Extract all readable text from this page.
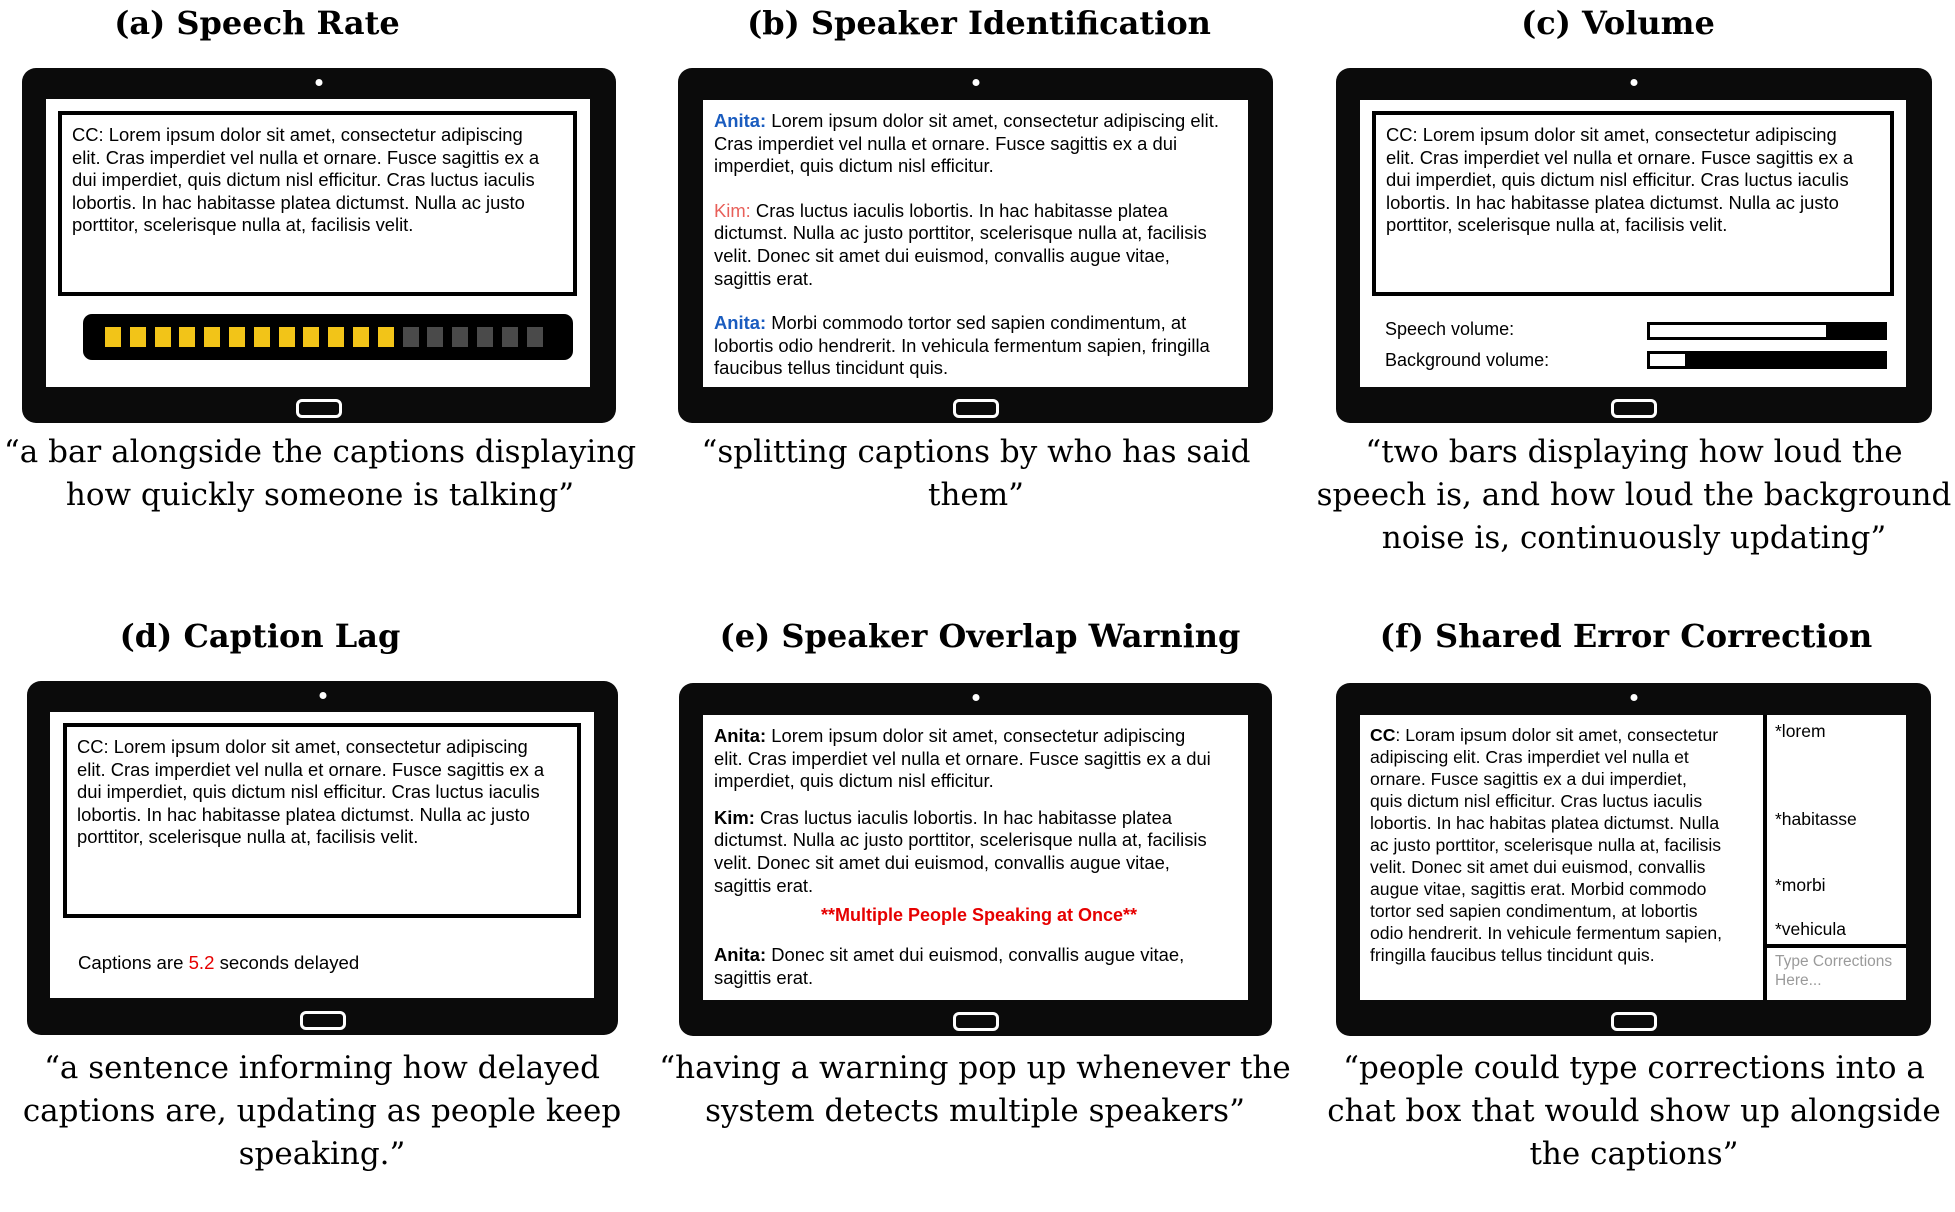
(a) Speech Rate
CC: Lorem ipsum dolor sit amet, consectetur adipiscing
elit. Cras imperdiet vel nulla et ornare. Fusce sagittis ex a
dui imperdiet, quis dictum nisl efficitur. Cras luctus iaculis
lobortis. In hac habitasse platea dictumst. Nulla ac justo
porttitor, scelerisque nulla at, facilisis velit.
“a bar alongside the captions displaying how quickly someone is talking”
(b) Speaker Identification
Anita: Lorem ipsum dolor sit amet, consectetur adipiscing elit.
Cras imperdiet vel nulla et ornare. Fusce sagittis ex a dui
imperdiet, quis dictum nisl efficitur.
Kim: Cras luctus iaculis lobortis. In hac habitasse platea
dictumst. Nulla ac justo porttitor, scelerisque nulla at, facilisis
velit. Donec sit amet dui euismod, convallis augue vitae,
sagittis erat.
Anita: Morbi commodo tortor sed sapien condimentum, at
lobortis odio hendrerit. In vehicula fermentum sapien, fringilla
faucibus tellus tincidunt quis.
“splitting captions by who has said them”
(c) Volume
CC: Lorem ipsum dolor sit amet, consectetur adipiscing
elit. Cras imperdiet vel nulla et ornare. Fusce sagittis ex a
dui imperdiet, quis dictum nisl efficitur. Cras luctus iaculis
lobortis. In hac habitasse platea dictumst. Nulla ac justo
porttitor, scelerisque nulla at, facilisis velit.
Speech volume:
Background volume:
“two bars displaying how loud the speech is, and how loud the background noise is, continuously updating”
(d) Caption Lag
CC: Lorem ipsum dolor sit amet, consectetur adipiscing
elit. Cras imperdiet vel nulla et ornare. Fusce sagittis ex a
dui imperdiet, quis dictum nisl efficitur. Cras luctus iaculis
lobortis. In hac habitasse platea dictumst. Nulla ac justo
porttitor, scelerisque nulla at, facilisis velit.
Captions are 5.2 seconds delayed
“a sentence informing how delayed captions are, updating as people keep speaking.”
(e) Speaker Overlap Warning
Anita: Lorem ipsum dolor sit amet, consectetur adipiscing
elit. Cras imperdiet vel nulla et ornare. Fusce sagittis ex a dui
imperdiet, quis dictum nisl efficitur.
Kim: Cras luctus iaculis lobortis. In hac habitasse platea
dictumst. Nulla ac justo porttitor, scelerisque nulla at, facilisis
velit. Donec sit amet dui euismod, convallis augue vitae,
sagittis erat.
**Multiple People Speaking at Once**
Anita: Donec sit amet dui euismod, convallis augue vitae,
sagittis erat.
“having a warning pop up whenever the system detects multiple speakers”
(f) Shared Error Correction
CC: Loram ipsum dolor sit amet, consectetur
adipiscing elit. Cras imperdiet vel nulla et
ornare. Fusce sagittis ex a dui imperdiet,
quis dictum nisl efficitur. Cras luctus iaculis
lobortis. In hac habitas platea dictumst. Nulla
ac justo porttitor, scelerisque nulla at, facilisis
velit. Donec sit amet dui euismod, convallis
augue vitae, sagittis erat. Morbid commodo
tortor sed sapien condimentum, at lobortis
odio hendrerit. In vehicule fermentum sapien,
fringilla faucibus tellus tincidunt quis.
*lorem
*habitasse
*morbi
*vehicula
Type Corrections
Here...
“people could type corrections into a chat box that would show up alongside the captions”
